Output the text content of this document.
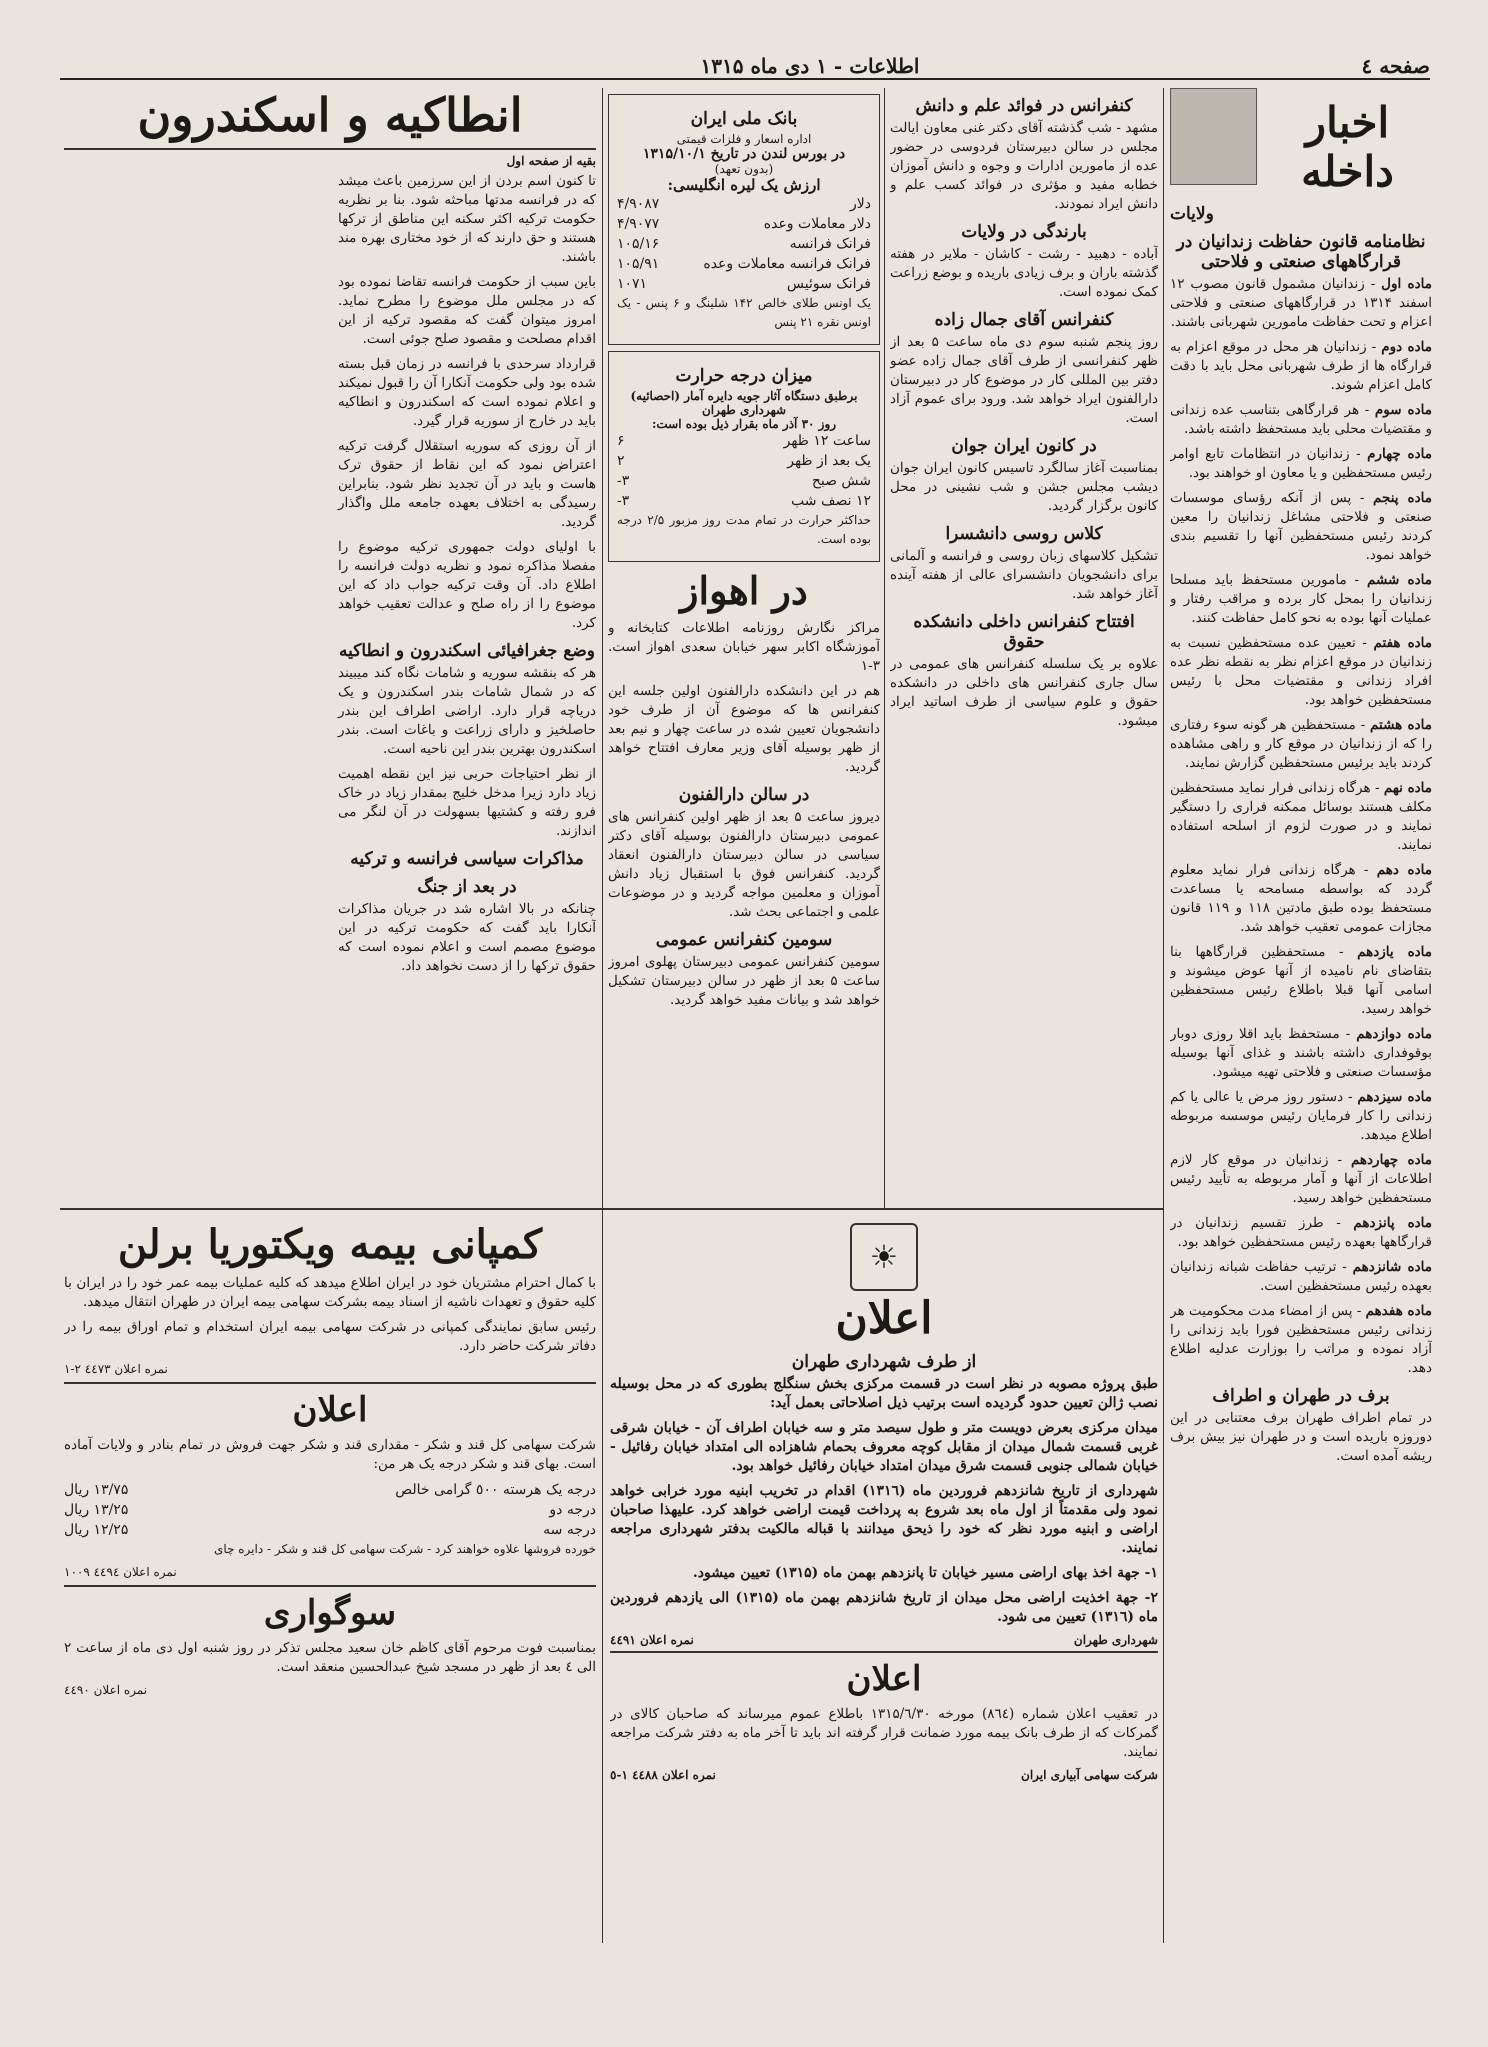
اطلاعات - ۱ دی ماه ۱۳۱۵	صفحه ٤
اخبار داخله
ولایات
نظامنامه قانون حفاظت زندانیان در قرارگاههای صنعتی و فلاحتی

ماده اول - زندانیان مشمول قانون مصوب ۱۲ اسفند ۱۳۱۴ در قرارگاههای صنعتی و فلاحتی اعزام و تحت حفاظت مامورین شهربانی باشند.

ماده دوم - زندانیان هر محل در موقع اعزام به قرارگاه ها از طرف شهربانی محل باید با دقت کامل اعزام شوند.

ماده سوم - هر قرارگاهی بتناسب عده زندانی و مقتضیات محلی باید مستحفظ داشته باشد.

ماده چهارم - زندانیان در انتظامات تابع اوامر رئیس مستحفظین و یا معاون او خواهند بود.

ماده پنجم - پس از آنکه رؤسای موسسات صنعتی و فلاحتی مشاغل زندانیان را معین کردند رئیس مستحفظین آنها را تقسیم بندی خواهد نمود.

ماده ششم - مامورین مستحفظ باید مسلحا زندانیان را بمحل کار برده و مراقب رفتار و عملیات آنها بوده به نحو کامل حفاظت کنند.

ماده هفتم - تعیین عده مستحفظین نسبت به زندانیان در موقع اعزام نظر به نقطه نظر عده افراد زندانی و مقتضیات محل با رئیس مستحفظین خواهد بود.

ماده هشتم - مستحفظین هر گونه سوء رفتاری را که از زندانیان در موقع کار و راهی مشاهده کردند باید برئیس مستحفظین گزارش نمایند.

ماده نهم - هرگاه زندانی فرار نماید مستحفظین مکلف هستند بوسائل ممکنه فراری را دستگیر نمایند و در صورت لزوم از اسلحه استفاده نمایند.

ماده دهم - هرگاه زندانی فرار نماید معلوم گردد که بواسطه مسامحه یا مساعدت مستحفظ بوده طبق مادتین ۱۱۸ و ۱۱۹ قانون مجازات عمومی تعقیب خواهد شد.

ماده یازدهم - مستحفظین قرارگاهها بنا بتقاضای نام نامیده از آنها عوض میشوند و اسامی آنها قبلا باطلاع رئیس مستحفظین خواهد رسید.

ماده دوازدهم - مستحفظ باید اقلا روزی دوبار بوقوفداری داشته باشند و غذای آنها بوسیله مؤسسات صنعتی و فلاحتی تهیه میشود.

ماده سیزدهم - دستور روز مرض یا عالی یا کم زندانی را کار فرمایان رئیس موسسه مربوطه اطلاع میدهد.

ماده چهاردهم - زندانیان در موقع کار لازم اطلاعات از آنها و آمار مربوطه به تأیید رئیس مستحفظین خواهد رسید.

ماده پانزدهم - طرز تقسیم زندانیان در قرارگاهها بعهده رئیس مستحفظین خواهد بود.

ماده شانزدهم - ترتیب حفاظت شبانه زندانیان بعهده رئیس مستحفظین است.

ماده هفدهم - پس از امضاء مدت محکومیت هر زندانی رئیس مستحفظین فورا باید زندانی را آزاد نموده و مراتب را بوزارت عدلیه اطلاع دهد.

برف در طهران و اطراف

در تمام اطراف طهران برف معتنابی در این دوروزه باریده است و در طهران نیز بیش برف ریشه آمده است.

کنفرانس در فوائد علم و دانش

مشهد - شب گذشته آقای دکتر غنی معاون ایالت مجلس در سالن دبیرستان فردوسی در حضور عده از مامورین ادارات و وجوه و دانش آموزان خطابه مفید و مؤثری در فوائد کسب علم و دانش ایراد نمودند.

بارندگی در ولایات

آباده - دهبید - رشت - کاشان - ملایر در هفته گذشته باران و برف زیادی باریده و بوضع زراعت کمک نموده است.

کنفرانس آقای جمال زاده

روز پنجم شنبه سوم دی ماه ساعت ۵ بعد از ظهر کنفرانسی از طرف آقای جمال زاده عضو دفتر بین المللی کار در موضوع کار در دبیرستان دارالفنون ایراد خواهد شد. ورود برای عموم آزاد است.

در کانون ایران جوان

بمناسبت آغاز سالگرد تاسیس کانون ایران جوان دیشب مجلس جشن و شب نشینی در محل کانون برگزار گردید.

کلاس روسی دانشسرا

تشکیل کلاسهای زبان روسی و فرانسه و آلمانی برای دانشجویان دانشسرای عالی از هفته آینده آغاز خواهد شد.

افتتاح کنفرانس داخلی دانشکده حقوق

علاوه بر یک سلسله کنفرانس های عمومی در سال جاری کنفرانس های داخلی در دانشکده حقوق و علوم سیاسی از طرف اساتید ایراد میشود.

بانک ملی ایران
اداره اسعار و فلزات قیمتی
در بورس لندن در تاریخ ۱۳۱۵/۱۰/۱
(بدون تعهد)
ارزش یک لیره انگلیسی:
دلار
۴/۹۰۸۷
دلار معاملات وعده
۴/۹۰۷۷
فرانک فرانسه
۱۰۵/۱۶
فرانک فرانسه معاملات وعده
۱۰۵/۹۱
فرانک سوئیس
۱۰۷۱

یک اونس طلای خالص ۱۴۲ شلینگ و ۶ پنس - یک اونس نقره ۲۱ پنس

میزان درجه حرارت
برطبق دستگاه آثار جویه دایره آمار (احصائیه) شهرداری طهران
روز ۳۰ آذر ماه بقرار ذیل بوده است:
ساعت ۱۲ ظهر
۶
یک بعد از ظهر
۲
شش صبح
۳-
۱۲ نصف شب
۳-

حداکثر حرارت در تمام مدت روز مزبور ۲/۵ درجه بوده است.

در اهواز

مراکز نگارش روزنامه اطلاعات کتابخانه و آموزشگاه اکابر سهر خیابان سعدی اهواز است. ۳-۱

هم در این دانشکده دارالفنون اولین جلسه این کنفرانس ها که موضوع آن از طرف خود دانشجویان تعیین شده در ساعت چهار و نیم بعد از ظهر بوسیله آقای وزیر معارف افتتاح خواهد گردید.

در سالن دارالفنون

دیروز ساعت ۵ بعد از ظهر اولین کنفرانس های عمومی دبیرستان دارالفنون بوسیله آقای دکتر سیاسی در سالن دبیرستان دارالفنون انعقاد گردید. کنفرانس فوق با استقبال زیاد دانش آموزان و معلمین مواجه گردید و در موضوعات علمی و اجتماعی بحث شد.

سومین کنفرانس عمومی

سومین کنفرانس عمومی دبیرستان پهلوی امروز ساعت ۵ بعد از ظهر در سالن دبیرستان تشکیل خواهد شد و بیانات مفید خواهد گردید.

انطاکیه و اسکندرون
بقیه از صفحه اول

تا کنون اسم بردن از این سرزمین باعث میشد که در فرانسه مدتها مباحثه شود. بنا بر نظریه حکومت ترکیه اکثر سکنه این مناطق از ترکها هستند و حق دارند که از خود مختاری بهره مند باشند.

باین سبب از حکومت فرانسه تقاضا نموده بود که در مجلس ملل موضوع را مطرح نماید. امروز میتوان گفت که مقصود ترکیه از این اقدام مصلحت و مقصود صلح جوئی است.

قرارداد سرحدی با فرانسه در زمان قبل بسته شده بود ولی حکومت آنکارا آن را قبول نمیکند و اعلام نموده است که اسکندرون و انطاکیه باید در خارج از سوریه قرار گیرد.

از آن روزی که سوریه استقلال گرفت ترکیه اعتراض نمود که این نقاط از حقوق ترک هاست و باید در آن تجدید نظر شود. بنابراین رسیدگی به اختلاف بعهده جامعه ملل واگذار گردید.

با اولیای دولت جمهوری ترکیه موضوع را مفصلا مذاکره نمود و نظریه دولت فرانسه را اطلاع داد. آن وقت ترکیه جواب داد که این موضوع را از راه صلح و عدالت تعقیب خواهد کرد.

وضع جغرافیائی اسکندرون و انطاکیه

هر که بنقشه سوریه و شامات نگاه کند میبیند که در شمال شامات بندر اسکندرون و یک دریاچه قرار دارد. اراضی اطراف این بندر حاصلخیز و دارای زراعت و باغات است. بندر اسکندرون بهترین بندر این ناحیه است.

از نظر احتیاجات حربی نیز این نقطه اهمیت زیاد دارد زیرا مدخل خلیج بمقدار زیاد در خاک فرو رفته و کشتیها بسهولت در آن لنگر می اندازند.

مذاکرات سیاسی فرانسه و ترکیه
در بعد از جنگ

چنانکه در بالا اشاره شد در جریان مذاکرات آنکارا باید گفت که حکومت ترکیه در این موضوع مصمم است و اعلام نموده است که حقوق ترکها را از دست نخواهد داد.

کمپانی بیمه ویکتوریا برلن

با کمال احترام مشتریان خود در ایران اطلاع میدهد که کلیه عملیات بیمه عمر خود را در ایران با کلیه حقوق و تعهدات ناشیه از اسناد بیمه بشرکت سهامی بیمه ایران در طهران انتقال میدهد.

رئیس سابق نمایندگی کمپانی در شرکت سهامی بیمه ایران استخدام و تمام اوراق بیمه را در دفاتر شرکت حاضر دارد.

نمره اعلان ٤٤٧٣ ۲-۱
اعلان

شرکت سهامی کل قند و شکر - مقداری قند و شکر جهت فروش در تمام بنادر و ولایات آماده است. بهای قند و شکر درجه یک هر من:

درجه یک هرسته ٥۰۰ گرامی خالص
۱۳/۷۵ ریال
درجه دو
۱۳/۲۵ ریال
درجه سه
۱۲/۲۵ ریال

خورده فروشها علاوه خواهند کرد - شرکت سهامی کل قند و شکر - دایره چای

نمره اعلان ٤٤٩٤ ۱۰۰۹
سوگواری

بمناسبت فوت مرحوم آقای کاظم خان سعید مجلس تذکر در روز شنبه اول دی ماه از ساعت ۲ الی ٤ بعد از ظهر در مسجد شیخ عبدالحسین منعقد است.

نمره اعلان ٤٤۹۰
☀
اعلان
از طرف شهرداری طهران

طبق پروژه مصوبه در نظر است در قسمت مرکزی بخش سنگلج بطوری که در محل بوسیله نصب ژالن تعیین حدود گردیده است برتیب ذیل اصلاحاتی بعمل آید:

میدان مرکزی بعرض دویست متر و طول سیصد متر و سه خیابان اطراف آن - خیابان شرقی غربی قسمت شمال میدان از مقابل کوچه معروف بحمام شاهزاده الی امتداد خیابان رفائیل - خیابان شمالی جنوبی قسمت شرق میدان امتداد خیابان رفائیل خواهد بود.

شهرداری از تاریخ شانزدهم فروردین ماه (۱۳۱٦) اقدام در تخریب ابنیه مورد خرابی خواهد نمود ولی مقدمتاً از اول ماه بعد شروع به پرداخت قیمت اراضی خواهد کرد. علیهذا صاحبان اراضی و ابنیه مورد نظر که خود را ذیحق میدانند با قباله مالکیت بدفتر شهرداری مراجعه نمایند.

۱- جهة اخذ بهای اراضی مسیر خیابان تا پانزدهم بهمن ماه (۱۳۱۵) تعیین میشود.

۲- جهة اخذیت اراضی محل میدان از تاریخ شانزدهم بهمن ماه (۱۳۱۵) الی یازدهم فروردین ماه (۱۳۱٦) تعیین می شود.

شهرداری طهران
نمره اعلان ٤٤۹۱
اعلان

در تعقیب اعلان شماره (۸٦٤) مورخه ۱۳۱۵/٦/۳۰ باطلاع عموم میرساند که صاحبان کالای در گمرکات که از طرف بانک بیمه مورد ضمانت قرار گرفته اند باید تا آخر ماه به دفتر شرکت مراجعه نمایند.

شرکت سهامی آبیاری ایران
نمره اعلان ٤٤٨٨ ۱-٥
